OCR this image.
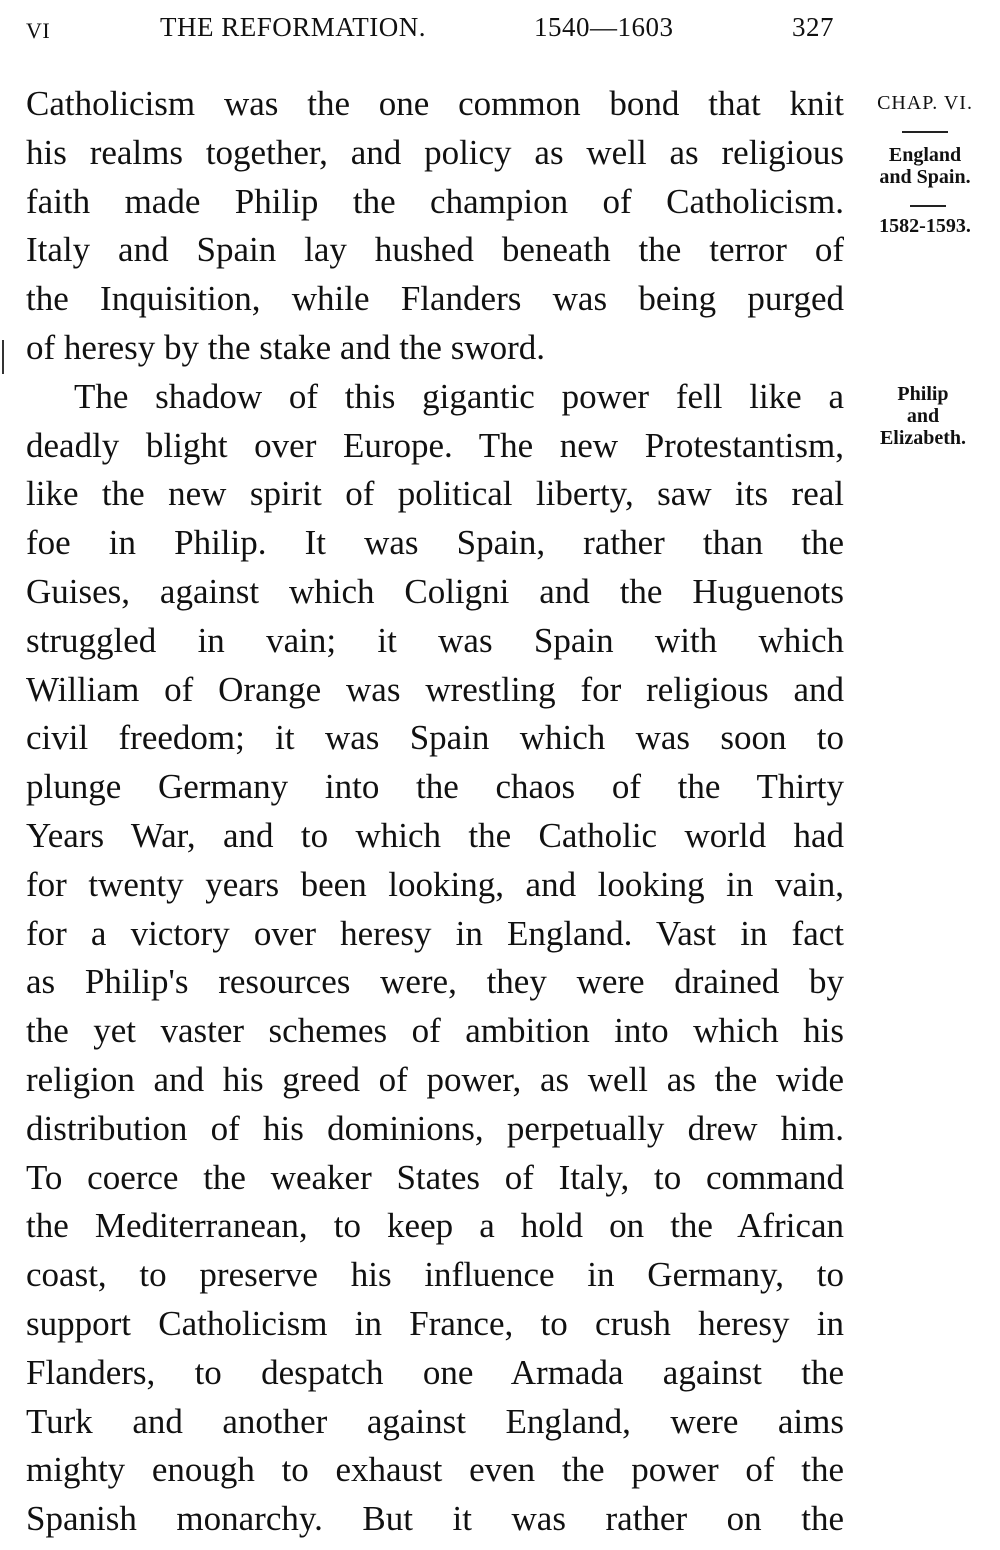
VI	THE REFORMATION.	1540—1603	327
Catholicism was the one common bond that knit
his realms together, and policy as well as religious
faith made Philip the champion of Catholicism.
Italy and Spain lay hushed beneath the terror of
the Inquisition, while Flanders was being purged
of heresy by the stake and the sword.
The shadow of this gigantic power fell like a
deadly blight over Europe. The new Protestantism,
like the new spirit of political liberty, saw its real
foe in Philip. It was Spain, rather than the
Guises, against which Coligni and the Huguenots
struggled in vain; it was Spain with which
William of Orange was wrestling for religious and
civil freedom; it was Spain which was soon to
plunge Germany into the chaos of the Thirty
Years War, and to which the Catholic world had
for twenty years been looking, and looking in vain,
for a victory over heresy in England. Vast in fact
as Philip's resources were, they were drained by
the yet vaster schemes of ambition into which his
religion and his greed of power, as well as the wide
distribution of his dominions, perpetually drew him.
To coerce the weaker States of Italy, to command
the Mediterranean, to keep a hold on the African
coast, to preserve his influence in Germany, to
support Catholicism in France, to crush heresy in
Flanders, to despatch one Armada against the
Turk and another against England, were aims
mighty enough to exhaust even the power of the
Spanish monarchy. But it was rather on the
CHAP. VI.
England
and Spain.
1582-1593.
Philip
and
Elizabeth.
